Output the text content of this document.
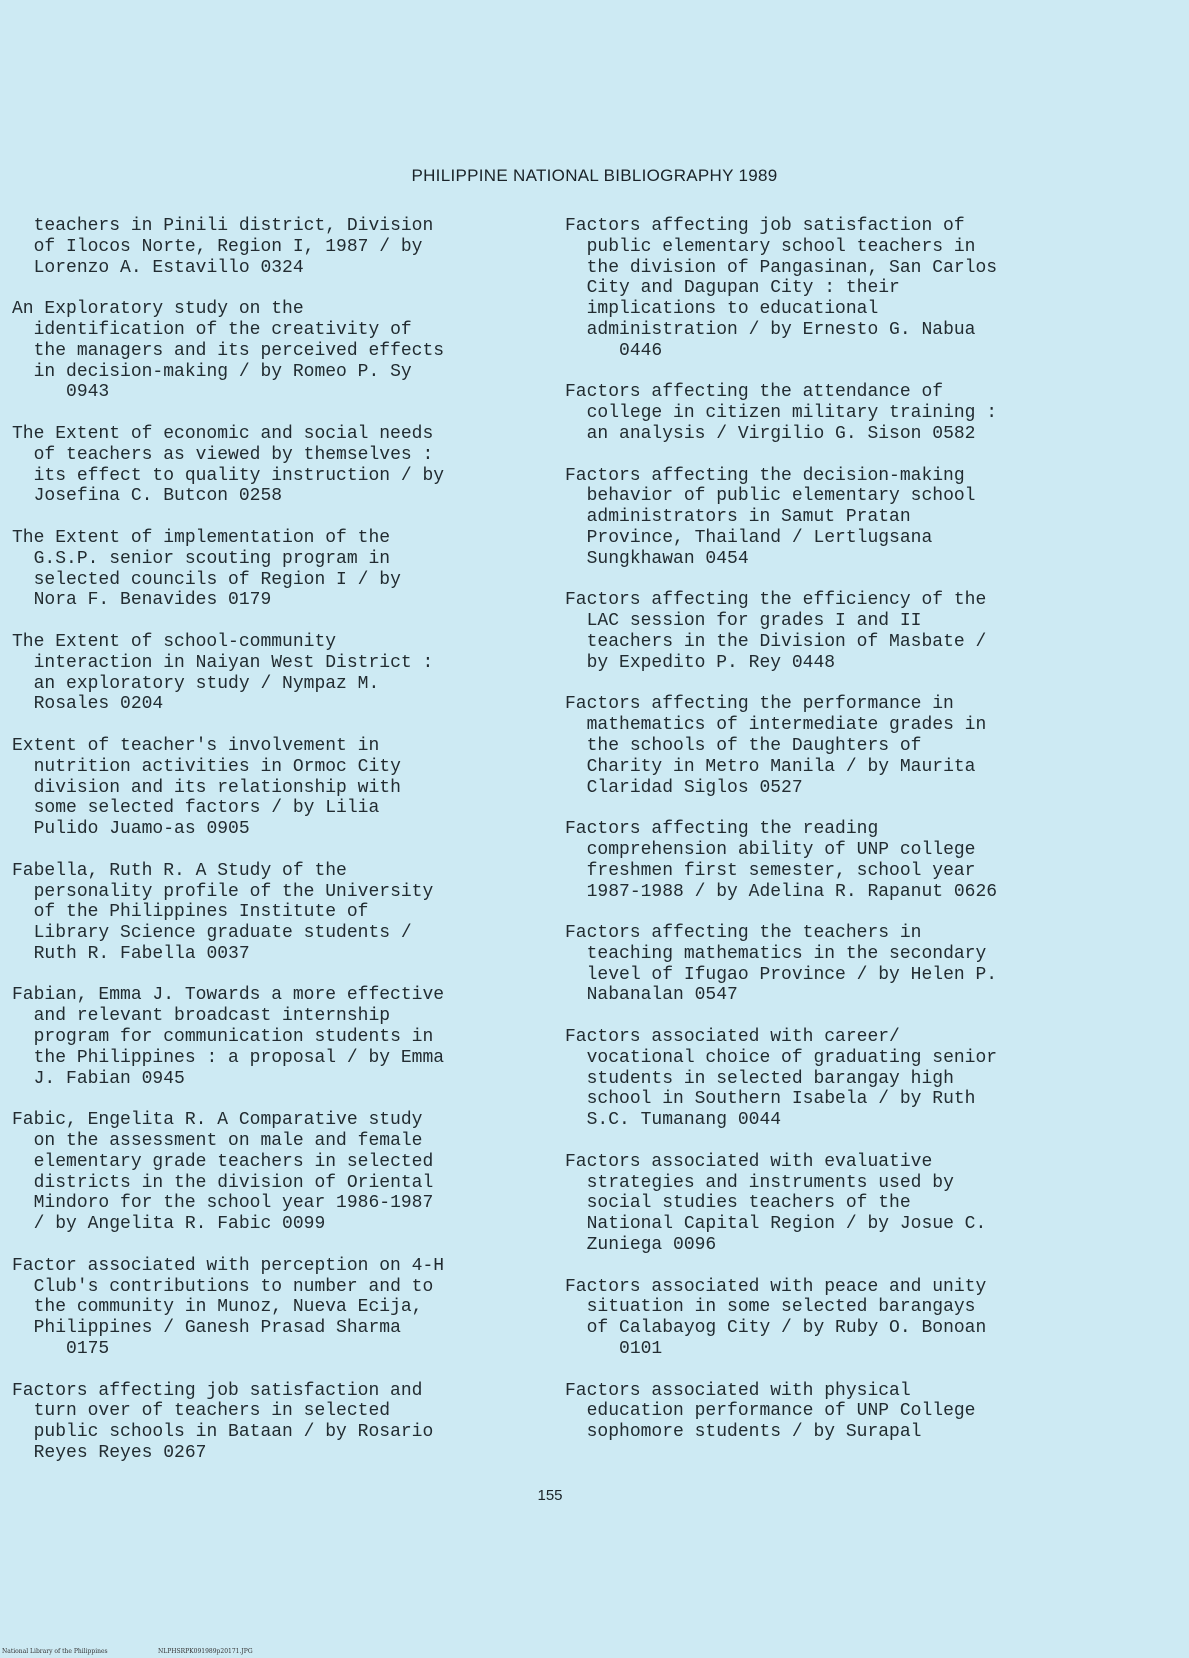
PHILIPPINE NATIONAL BIBLIOGRAPHY 1989

teachers in Pinili district, Division
of Ilocos Norte, Region I, 1987 / by
Lorenzo A. Estavillo 0324

An Exploratory study on the
identification of the creativity of
the managers and its perceived effects
in decision-making / by Romeo P. Sy
0943

The Extent of economic and social needs
of teachers as viewed by themselves :
its effect to quality instruction / by
Josefina C. Butcon 0258

The Extent of implementation of the
G.S.P. senior scouting program in
selected councils of Region I / by
Nora F. Benavides 0179

The Extent of school-community
interaction in Naiyan West District :
an exploratory study / Nympaz M.
Rosales 0204

Extent of teacher's involvement in
nutrition activities in Ormoc City
division and its relationship with
some selected factors / by Lilia
Pulido Juamo-as 0905

Fabella, Ruth R. A Study of the
personality profile of the University
of the Philippines Institute of
Library Science graduate students /
Ruth R. Fabella 0037

Fabian, Emma J. Towards a more effective
and relevant broadcast internship
program for communication students in
the Philippines : a proposal / by Emma
J. Fabian 0945

Fabic, Engelita R. A Comparative study
on the assessment on male and female
elementary grade teachers in selected
districts in the division of Oriental
Mindoro for the school year 1986-1987
/ by Angelita R. Fabic 0099

Factor associated with perception on 4-H
Club's contributions to number and to
the community in Munoz, Nueva Ecija,
Philippines / Ganesh Prasad Sharma
0175

Factors affecting job satisfaction and
turn over of teachers in selected
public schools in Bataan / by Rosario
Reyes Reyes 0267

Factors affecting job satisfaction of
public elementary school teachers in
the division of Pangasinan, San Carlos
City and Dagupan City : their
implications to educational
administration / by Ernesto G. Nabua
0446

Factors affecting the attendance of
college in citizen military training :
an analysis / Virgilio G. Sison 0582

Factors affecting the decision-making
behavior of public elementary school
administrators in Samut Pratan
Province, Thailand / Lertlugsana
Sungkhawan 0454

Factors affecting the efficiency of the
LAC session for grades I and II
teachers in the Division of Masbate /
by Expedito P. Rey 0448

Factors affecting the performance in
mathematics of intermediate grades in
the schools of the Daughters of
Charity in Metro Manila / by Maurita
Claridad Siglos 0527

Factors affecting the reading
comprehension ability of UNP college
freshmen first semester, school year
1987-1988 / by Adelina R. Rapanut 0626

Factors affecting the teachers in
teaching mathematics in the secondary
level of Ifugao Province / by Helen P.
Nabanalan 0547

Factors associated with career/
vocational choice of graduating senior
students in selected barangay high
school in Southern Isabela / by Ruth
S.C. Tumanang 0044

Factors associated with evaluative
strategies and instruments used by
social studies teachers of the
National Capital Region / by Josue C.
Zuniega 0096

Factors associated with peace and unity
situation in some selected barangays
of Calabayog City / by Ruby O. Bonoan
0101

Factors associated with physical
education performance of UNP College
sophomore students / by Surapal

155
National Library of the Philippines	NLPHSRPK091989p20171.JPG
